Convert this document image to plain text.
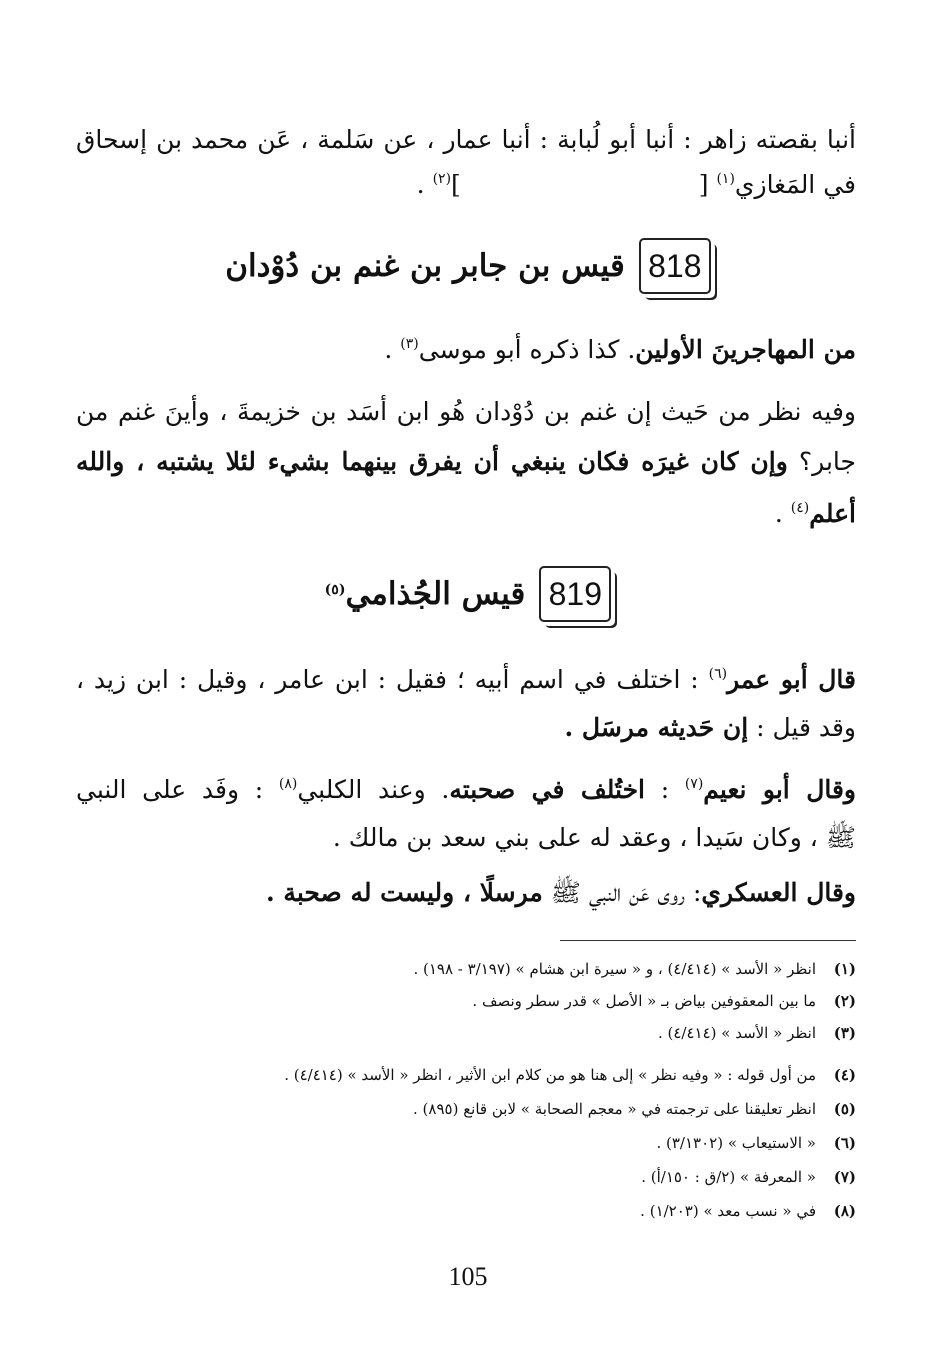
أنبا بقصته زاهر : أنبا أبو لُبابة : أنبا عمار ، عن سَلمة ، عَن محمد بن إسحاق
في المَغازي$^{(١)}$ [ ]$^{(٢)}$ .
818
قيس بن جابر بن غنم بن دُوْدان
من المهاجرينَ الأولين. كذا ذكره أبو موسى$^{(٣)}$ .
وفيه نظر من حَيث إن غنم بن دُوْدان هُو ابن أسَد بن خزيمةَ ، وأينَ غنم من
جابر؟ وإن كان غيرَه فكان ينبغي أن يفرق بينهما بشيء لئلا يشتبه ، والله
أعلم$^{(٤)}$ .
819
قيس الجُذامي$^{(٥)}$
قال أبو عمر$^{(٦)}$ : اختلف في اسم أبيه ؛ فقيل : ابن عامر ، وقيل : ابن زيد ،
وقد قيل : إن حَديثه مرسَل .
وقال أبو نعيم$^{(٧)}$ : اختُلف في صحبته. وعند الكلبي$^{(٨)}$ : وفَد على النبي
ﷺ ، وكان سَيدا ، وعقد له على بني سعد بن مالك .
وقال العسكري: روى عَن النبي ﷺ مرسلًا ، وليست له صحبة .
(١)انظر « الأسد » (٤/٤١٤) ، و « سيرة ابن هشام » (٣/١٩٧ - ١٩٨) .
(٢)ما بين المعقوفين بياض بـ « الأصل » قدر سطر ونصف .
(٣)انظر « الأسد » (٤/٤١٤) .
(٤)من أول قوله : « وفيه نظر » إلى هنا هو من كلام ابن الأثير ، انظر « الأسد » (٤/٤١٤) .
(٥)انظر تعليقنا على ترجمته في « معجم الصحابة » لابن قانع (٨٩٥) .
(٦)« الاستيعاب » (٣/١٣٠٢) .
(٧)« المعرفة » (٢/ق : ١٥٠/أ) .
(٨)في « نسب معد » (١/٢٠٣) .
105
